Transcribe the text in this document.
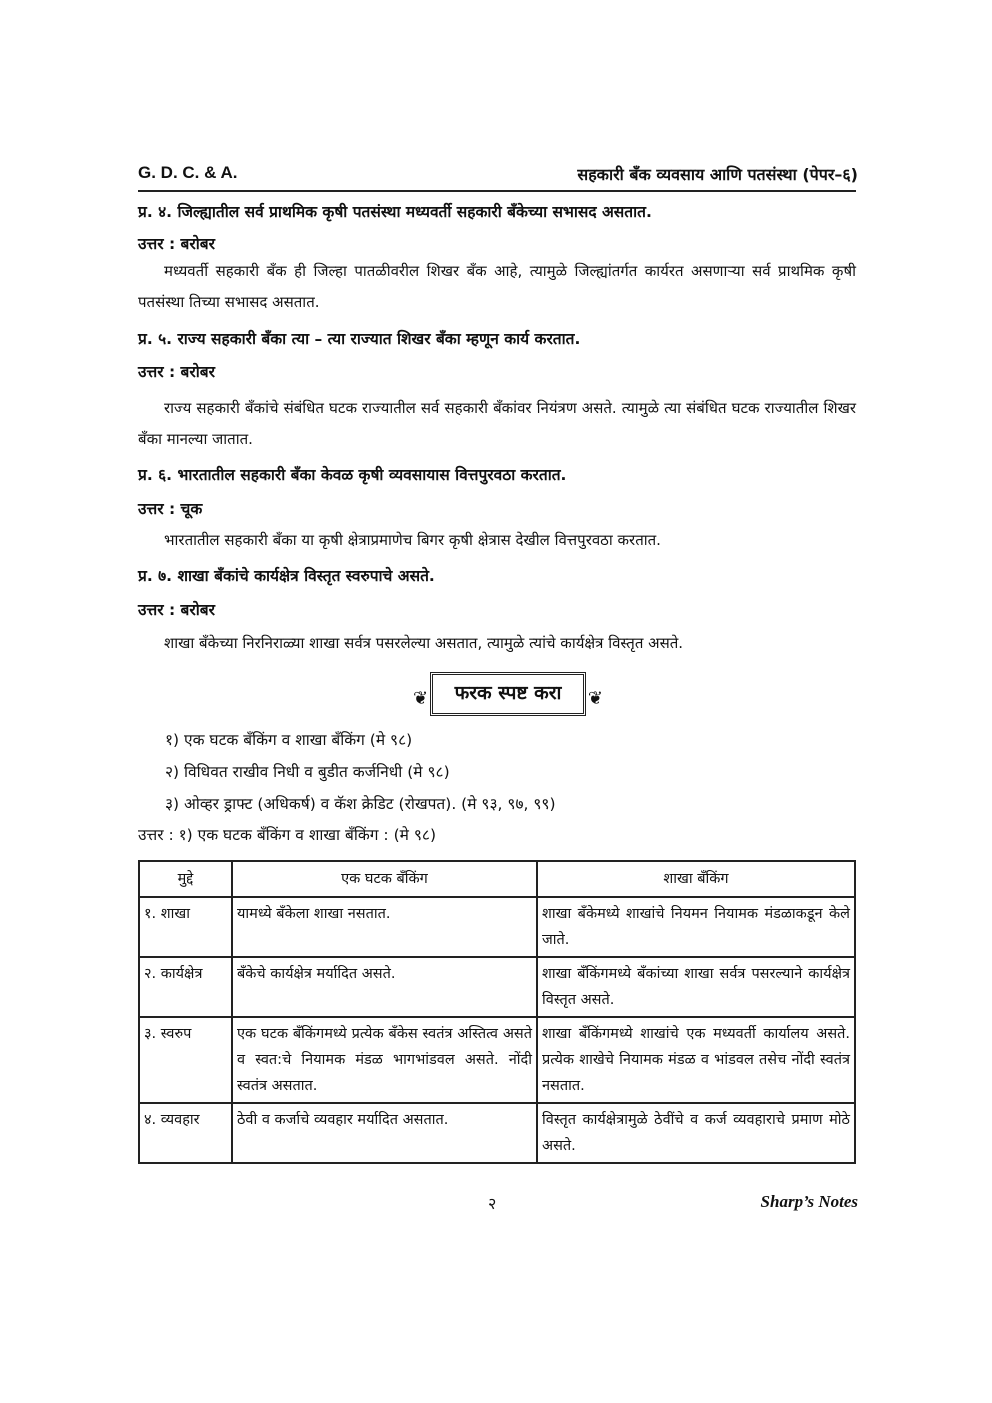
G. D. C. & A.	सहकारी बँक व्यवसाय आणि पतसंस्था (पेपर–६)
प्र. ४. जिल्ह्यातील सर्व प्राथमिक कृषी पतसंस्था मध्यवर्ती सहकारी बँकेच्या सभासद असतात.
उत्तर : बरोबर
मध्यवर्ती सहकारी बँक ही जिल्हा पातळीवरील शिखर बँक आहे, त्यामुळे जिल्ह्यांतर्गत कार्यरत असणाऱ्या सर्व प्राथमिक कृषी पतसंस्था तिच्या सभासद असतात.
प्र. ५. राज्य सहकारी बँका त्या – त्या राज्यात शिखर बँका म्हणून कार्य करतात.
उत्तर : बरोबर
राज्य सहकारी बँकांचे संबंधित घटक राज्यातील सर्व सहकारी बँकांवर नियंत्रण असते. त्यामुळे त्या संबंधित घटक राज्यातील शिखर बँका मानल्या जातात.
प्र. ६. भारतातील सहकारी बँका केवळ कृषी व्यवसायास वित्तपुरवठा करतात.
उत्तर : चूक
भारतातील सहकारी बँका या कृषी क्षेत्राप्रमाणेच बिगर कृषी क्षेत्रास देखील वित्तपुरवठा करतात.
प्र. ७. शाखा बँकांचे कार्यक्षेत्र विस्तृत स्वरुपाचे असते.
उत्तर : बरोबर
शाखा बँकेच्या निरनिराळ्या शाखा सर्वत्र पसरलेल्या असतात, त्यामुळे त्यांचे कार्यक्षेत्र विस्तृत असते.
❦ फरक स्पष्ट करा ❦
१) एक घटक बँकिंग व शाखा बँकिंग (मे ९८)
२) विधिवत राखीव निधी व बुडीत कर्जनिधी (मे ९८)
३) ओव्हर ड्राफ्ट (अधिकर्ष) व कॅश क्रेडिट (रोखपत). (मे ९३, ९७, ९९)
उत्तर : १) एक घटक बँकिंग व शाखा बँकिंग : (मे ९८)
मुद्दे	एक घटक बँकिंग	शाखा बँकिंग
१. शाखा	यामध्ये बँकेला शाखा नसतात.	शाखा बँकेमध्ये शाखांचे नियमन नियामक मंडळाकडून केले जाते.
२. कार्यक्षेत्र	बँकेचे कार्यक्षेत्र मर्यादित असते.	शाखा बँकिंगमध्ये बँकांच्या शाखा सर्वत्र पसरल्याने कार्यक्षेत्र विस्तृत असते.
३. स्वरुप	एक घटक बँकिंगमध्ये प्रत्येक बँकेस स्वतंत्र अस्तित्व असते व स्वत:चे नियामक मंडळ भागभांडवल असते. नोंदी स्वतंत्र असतात.	शाखा बँकिंगमध्ये शाखांचे एक मध्यवर्ती कार्यालय असते. प्रत्येक शाखेचे नियामक मंडळ व भांडवल तसेच नोंदी स्वतंत्र नसतात.
४. व्यवहार	ठेवी व कर्जाचे व्यवहार मर्यादित असतात.	विस्तृत कार्यक्षेत्रामुळे ठेवींचे व कर्ज व्यवहाराचे प्रमाण मोठे असते.
२	Sharp’s Notes
